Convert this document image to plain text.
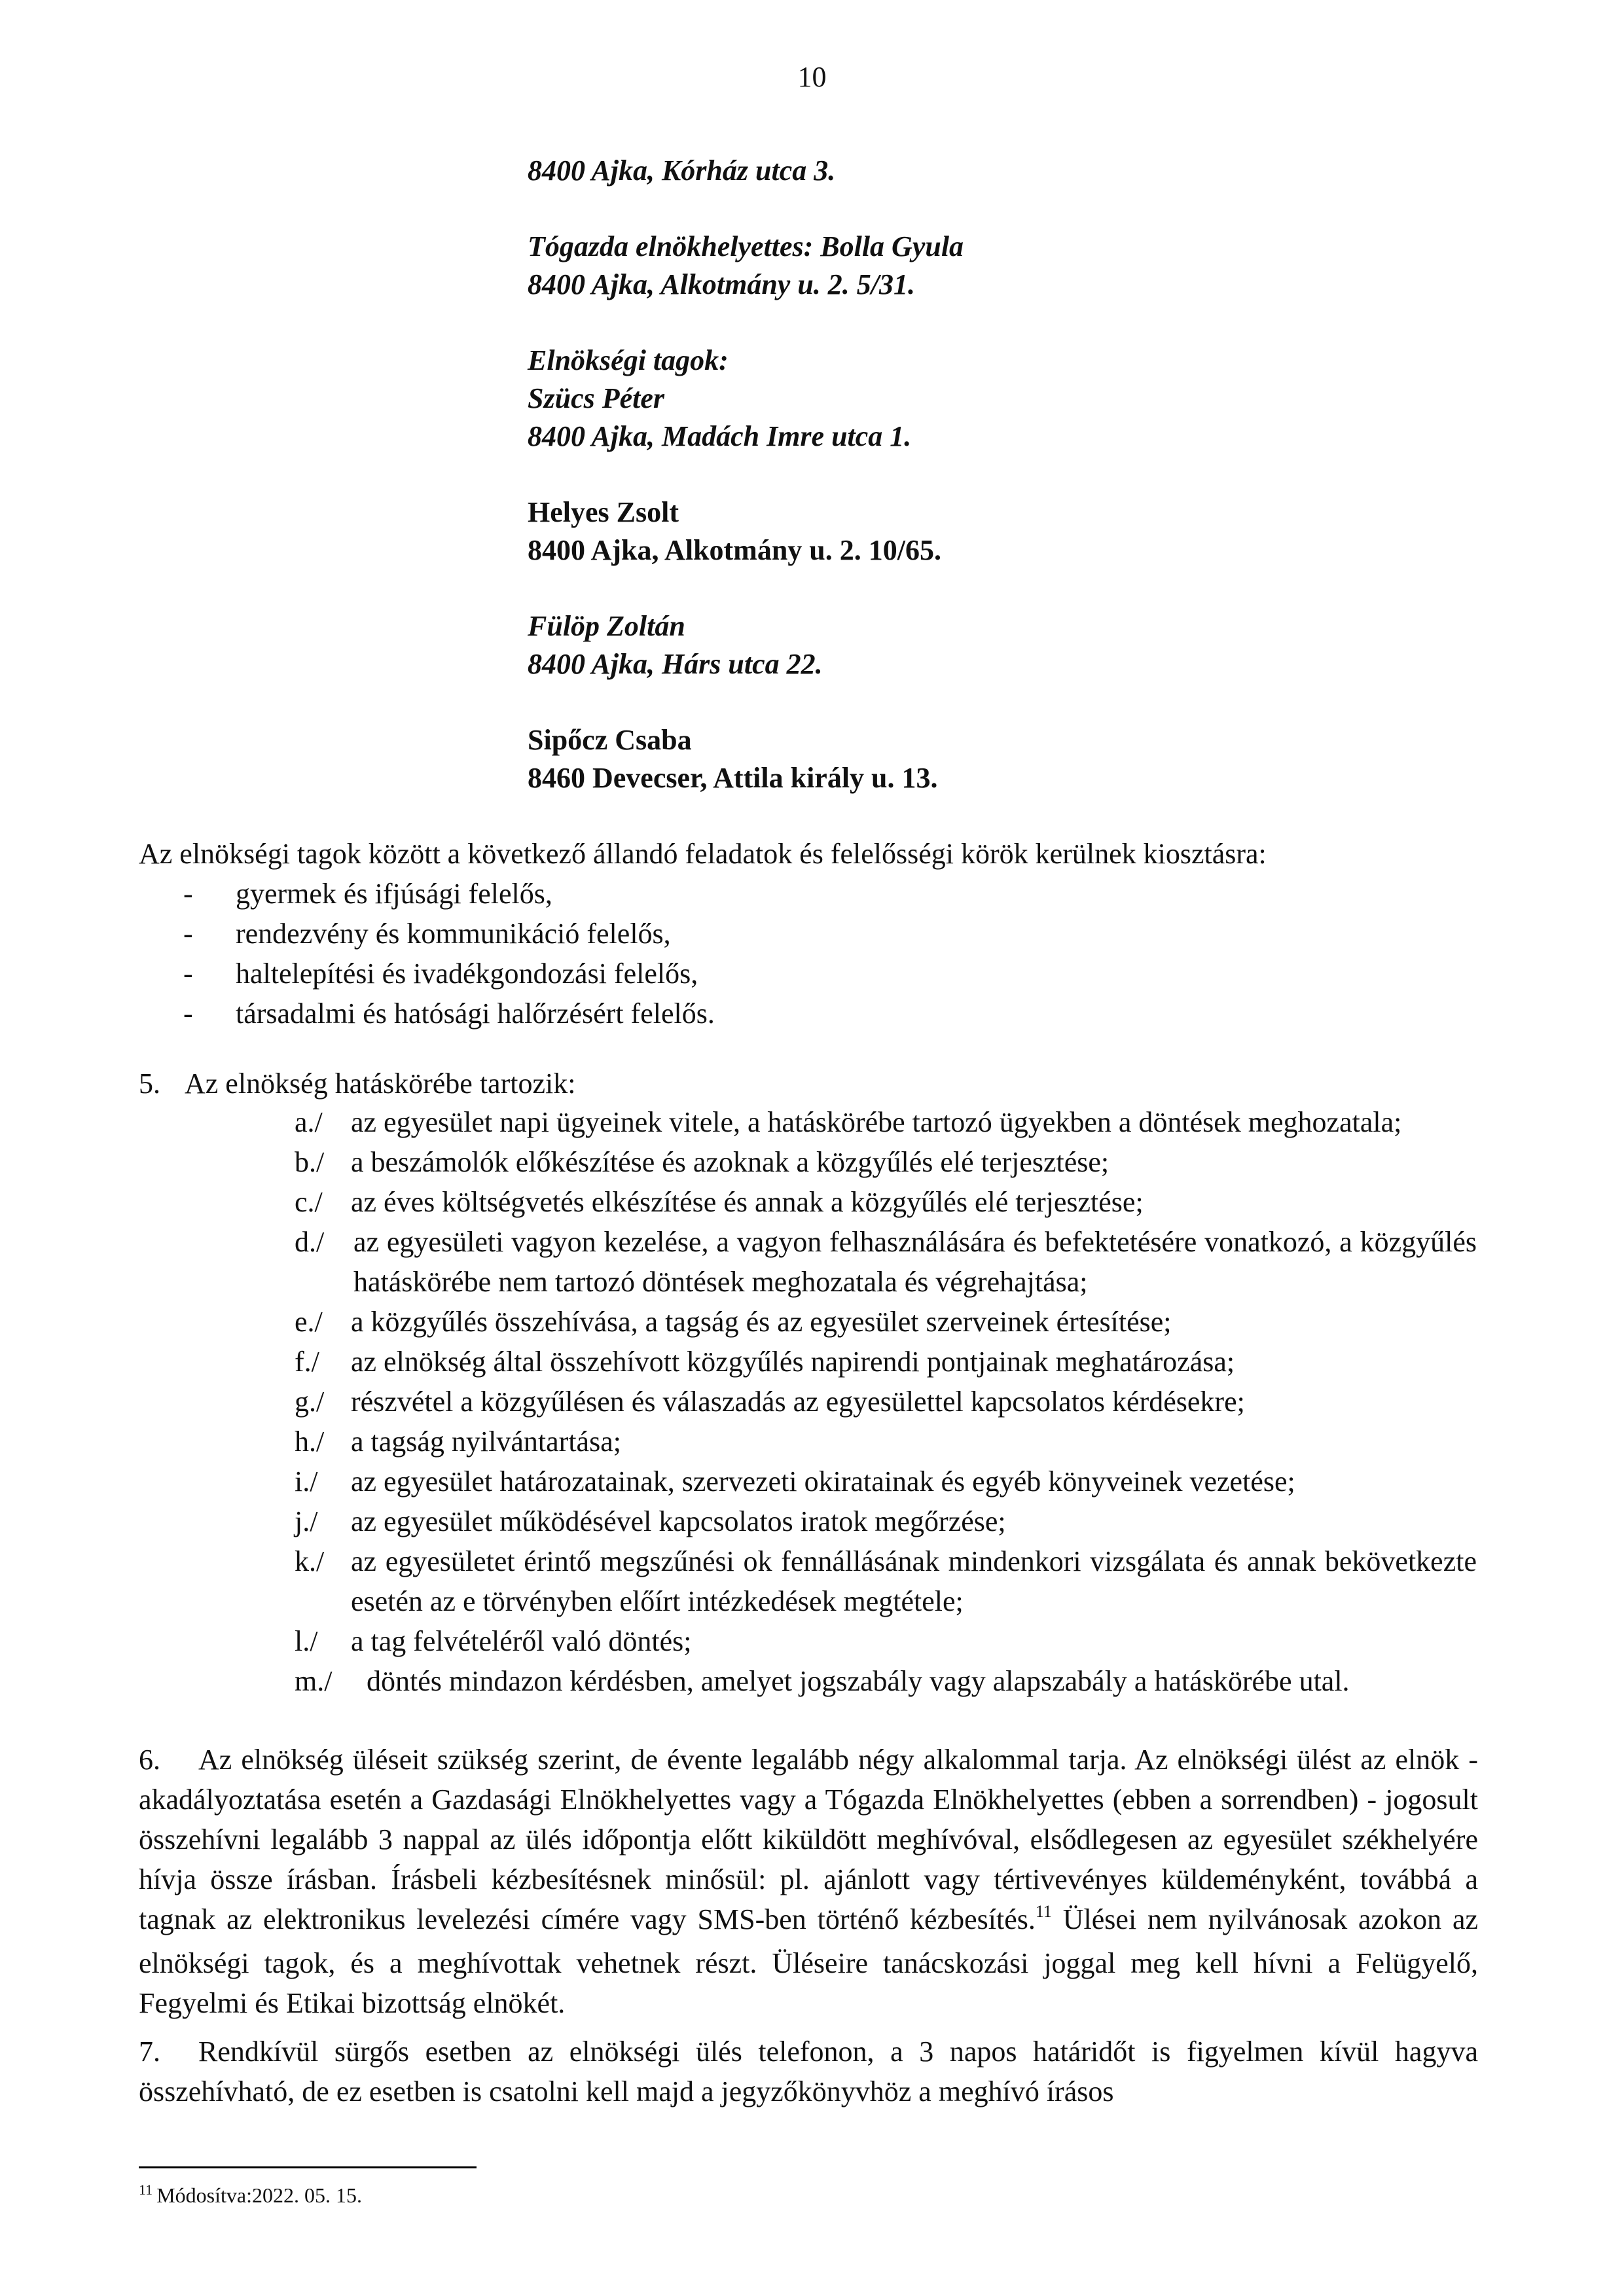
10
8400 Ajka, Kórház utca 3.
Tógazda elnökhelyettes: Bolla Gyula
8400 Ajka, Alkotmány u. 2. 5/31.
Elnökségi tagok:
Szücs Péter
8400 Ajka, Madách Imre utca 1.
Helyes Zsolt
8400 Ajka, Alkotmány u. 2. 10/65.
Fülöp Zoltán
8400 Ajka, Hárs utca 22.
Sipőcz Csaba
8460 Devecser, Attila király u. 13.
Az elnökségi tagok között a következő állandó feladatok és felelősségi körök kerülnek kiosztásra:
- gyermek és ifjúsági felelős,
- rendezvény és kommunikáció felelős,
- haltelepítési és ivadékgondozási felelős,
- társadalmi és hatósági halőrzésért felelős.
5. Az elnökség hatáskörébe tartozik:
a./ az egyesület napi ügyeinek vitele, a hatáskörébe tartozó ügyekben a döntések meghozatala;
b./ a beszámolók előkészítése és azoknak a közgyűlés elé terjesztése;
c./ az éves költségvetés elkészítése és annak a közgyűlés elé terjesztése;
d./ az egyesületi vagyon kezelése, a vagyon felhasználására és befektetésére vonatkozó, a közgyűlés hatáskörébe nem tartozó döntések meghozatala és végrehajtása;
e./ a közgyűlés összehívása, a tagság és az egyesület szerveinek értesítése;
f./ az elnökség által összehívott közgyűlés napirendi pontjainak meghatározása;
g./ részvétel a közgyűlésen és válaszadás az egyesülettel kapcsolatos kérdésekre;
h./ a tagság nyilvántartása;
i./ az egyesület határozatainak, szervezeti okiratainak és egyéb könyveinek vezetése;
j./ az egyesület működésével kapcsolatos iratok megőrzése;
k./ az egyesületet érintő megszűnési ok fennállásának mindenkori vizsgálata és annak bekövetkezte esetén az e törvényben előírt intézkedések megtétele;
l./ a tag felvételéről való döntés;
m./ döntés mindazon kérdésben, amelyet jogszabály vagy alapszabály a hatáskörébe utal.
6. Az elnökség üléseit szükség szerint, de évente legalább négy alkalommal tarja. Az elnökségi ülést az elnök - akadályoztatása esetén a Gazdasági Elnökhelyettes vagy a Tógazda Elnökhelyettes (ebben a sorrendben) - jogosult összehívni legalább 3 nappal az ülés időpontja előtt kiküldött meghívóval, elsődlegesen az egyesület székhelyére hívja össze írásban. Írásbeli kézbesítésnek minősül: pl. ajánlott vagy tértivevényes küldeményként, továbbá a tagnak az elektronikus levelezési címére vagy SMS-ben történő kézbesítés.$^{11}$ Ülései nem nyilvánosak azokon az elnökségi tagok, és a meghívottak vehetnek részt. Üléseire tanácskozási joggal meg kell hívni a Felügyelő, Fegyelmi és Etikai bizottság elnökét.
7. Rendkívül sürgős esetben az elnökségi ülés telefonon, a 3 napos határidőt is figyelmen kívül hagyva összehívható, de ez esetben is csatolni kell majd a jegyzőkönyvhöz a meghívó írásos
$^{11}$ Módosítva:2022. 05. 15.
